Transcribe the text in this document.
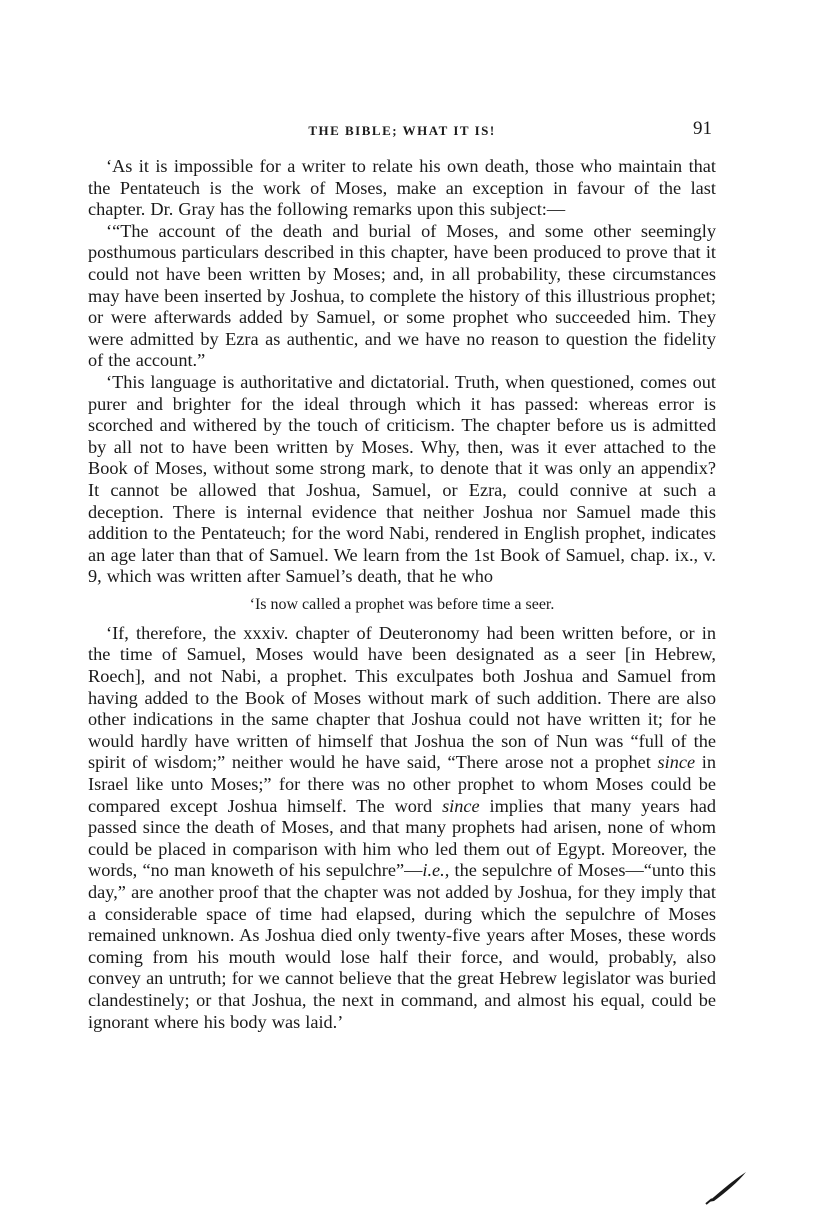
THE BIBLE; WHAT IT IS!	91

‘As it is impossible for a writer to relate his own death, those who maintain that the Pentateuch is the work of Moses, make an exception in favour of the last chapter. Dr. Gray has the following remarks upon this subject:—

‘“The account of the death and burial of Moses, and some other seemingly posthumous particulars described in this chapter, have been produced to prove that it could not have been written by Moses; and, in all probability, these circumstances may have been inserted by Joshua, to complete the history of this illustrious prophet; or were afterwards added by Samuel, or some prophet who succeeded him. They were admitted by Ezra as authentic, and we have no reason to question the fidelity of the account.”

‘This language is authoritative and dictatorial. Truth, when questioned, comes out purer and brighter for the ideal through which it has passed: whereas error is scorched and withered by the touch of criticism. The chapter before us is admitted by all not to have been written by Moses. Why, then, was it ever attached to the Book of Moses, without some strong mark, to denote that it was only an appendix? It cannot be allowed that Joshua, Samuel, or Ezra, could connive at such a deception. There is internal evidence that neither Joshua nor Samuel made this addition to the Pentateuch; for the word Nabi, rendered in English prophet, indicates an age later than that of Samuel. We learn from the 1st Book of Samuel, chap. ix., v. 9, which was written after Samuel’s death, that he who

‘Is now called a prophet was before time a seer.

‘If, therefore, the xxxiv. chapter of Deuteronomy had been written before, or in the time of Samuel, Moses would have been designated as a seer [in Hebrew, Roech], and not Nabi, a prophet. This exculpates both Joshua and Samuel from having added to the Book of Moses without mark of such addition. There are also other indications in the same chapter that Joshua could not have written it; for he would hardly have written of himself that Joshua the son of Nun was “full of the spirit of wisdom;” neither would he have said, “There arose not a prophet since in Israel like unto Moses;” for there was no other prophet to whom Moses could be compared except Joshua himself. The word since implies that many years had passed since the death of Moses, and that many prophets had arisen, none of whom could be placed in comparison with him who led them out of Egypt. Moreover, the words, “no man knoweth of his sepulchre”—i.e., the sepulchre of Moses—“unto this day,” are another proof that the chapter was not added by Joshua, for they imply that a considerable space of time had elapsed, during which the sepulchre of Moses remained unknown. As Joshua died only twenty-five years after Moses, these words coming from his mouth would lose half their force, and would, probably, also convey an untruth; for we cannot believe that the great Hebrew legislator was buried clandestinely; or that Joshua, the next in command, and almost his equal, could be ignorant where his body was laid.’
